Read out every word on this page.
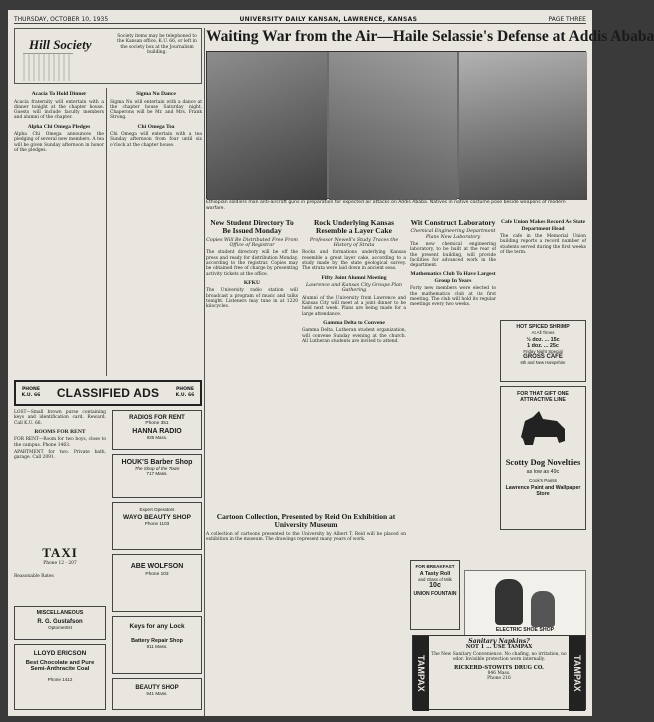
THURSDAY, OCTOBER 10, 1935	UNIVERSITY DAILY KANSAN, LAWRENCE, KANSAS	PAGE THREE
Hill Society
Society items may be telephoned to the Kansan office, K.U. 66, or left in the society box at the Journalism building.
Acacia To Hold Dinner

Acacia fraternity will entertain with a dinner tonight at the chapter house. Guests will include faculty members and alumni of the chapter.

Alpha Chi Omega Pledges

Alpha Chi Omega announces the pledging of several new members. A tea will be given Sunday afternoon in honor of the pledges.

Sigma Nu Dance

Sigma Nu will entertain with a dance at the chapter house Saturday night. Chaperons will be Mr. and Mrs. Frank Strong.

Chi Omega Tea

Chi Omega will entertain with a tea Sunday afternoon from four until six o'clock at the chapter house.

PHONE K.U. 66 CLASSIFIED ADS	PHONE K.U. 66

LOST—Small brown purse containing keys and identification card. Reward. Call K.U. 66.

ROOMS FOR RENT

FOR RENT—Room for two boys, close to the campus. Phone 1463.

APARTMENT for two. Private bath, garage. Call 2091.

RADIOS FOR RENT
Phone 351
HANNA RADIO
935 Mass.
HOUK'S Barber Shop
The Shop of the Town
717 Mass.
Expert Operators
WAYO BEAUTY SHOP
Phone 1103
TAXI
Phone 12 - 207

Reasonable Rates

ABE WOLFSON
Phone 103
MISCELLANEOUS
R. G. Gustafson
Optometrist	Keys for any Lock
Battery Repair Shop
911 Mass.
LLOYD ERICSON
Best Chocolate and Pure
Semi-Anthracite Coal
Phone 1412
BEAUTY SHOP
941 Mass.
Waiting War from the Air—Haile Selassie's Defense at Addis Ababa
Ethiopian soldiers man anti-aircraft guns in preparation for expected air attacks on Addis Ababa. Natives in native costume pose beside weapons of modern warfare.
New Student Directory To Be Issued Monday
Copies Will Be Distributed Free From Office of Registrar

The student directory will be off the press and ready for distribution Monday, according to the registrar. Copies may be obtained free of charge by presenting activity tickets at the office.

KFKU

The University radio station will broadcast a program of music and talks tonight. Listeners may tune in at 1220 kilocycles.

Rock Underlying Kansas Resemble a Layer Cake
Professor Newell's Study Traces the History of Strata

Rocks and formations underlying Kansas resemble a great layer cake, according to a study made by the state geological survey. The strata were laid down in ancient seas.

Fifty Joint Alumni Meeting
Lawrence and Kansas City Groups Plan Gathering

Alumni of the University from Lawrence and Kansas City will meet at a joint dinner to be held next week. Plans are being made for a large attendance.

Gamma Delta to Convene

Gamma Delta, Lutheran student organization, will convene Sunday evening at the church. All Lutheran students are invited to attend.

Wit Construct Laboratory
Chemical Engineering Department Plans New Laboratory

The new chemical engineering laboratory, to be built at the rear of the present building, will provide facilities for advanced work in the department.

Mathematics Club To Have Largest Group In Years

Forty new members were elected to the mathematics club at its first meeting. The club will hold its regular meetings every two weeks.

Cafe Union Makes Record As State Department Head

The cafe in the Memorial Union building reports a record number of students served during the first weeks of the term.

HOT SPICED SHRIMP
At All Times
½ doz. ... 15c
1 doz. ... 25c
Friday Night Special
GROSS CAFE
6th and New Hampshire
FOR THAT GIFT ONE ATTRACTIVE LINE
Scotty Dog Novelties
as low as 49c
Cook's Paints
Lawrence Paint and Wallpaper Store
Cartoon Collection, Presented by Reid On Exhibition at University Museum

A collection of cartoons presented to the University by Albert T. Reid will be placed on exhibition in the museum. The drawings represent many years of work.

FOR BREAKFAST
A Tasty Roll
and Glass of Milk
10c
UNION FOUNTAIN
ELECTRIC SHOE SHOP
TAMPAX
Sanitary Napkins?
NOT 1 ... USE TAMPAX
The New Sanitary Convenience. No chafing, no irritation, no odor. Invisible protection worn internally.
RICKERD-STOWITS DRUG CO.
846 Mass.
Phone 216	TAMPAX
